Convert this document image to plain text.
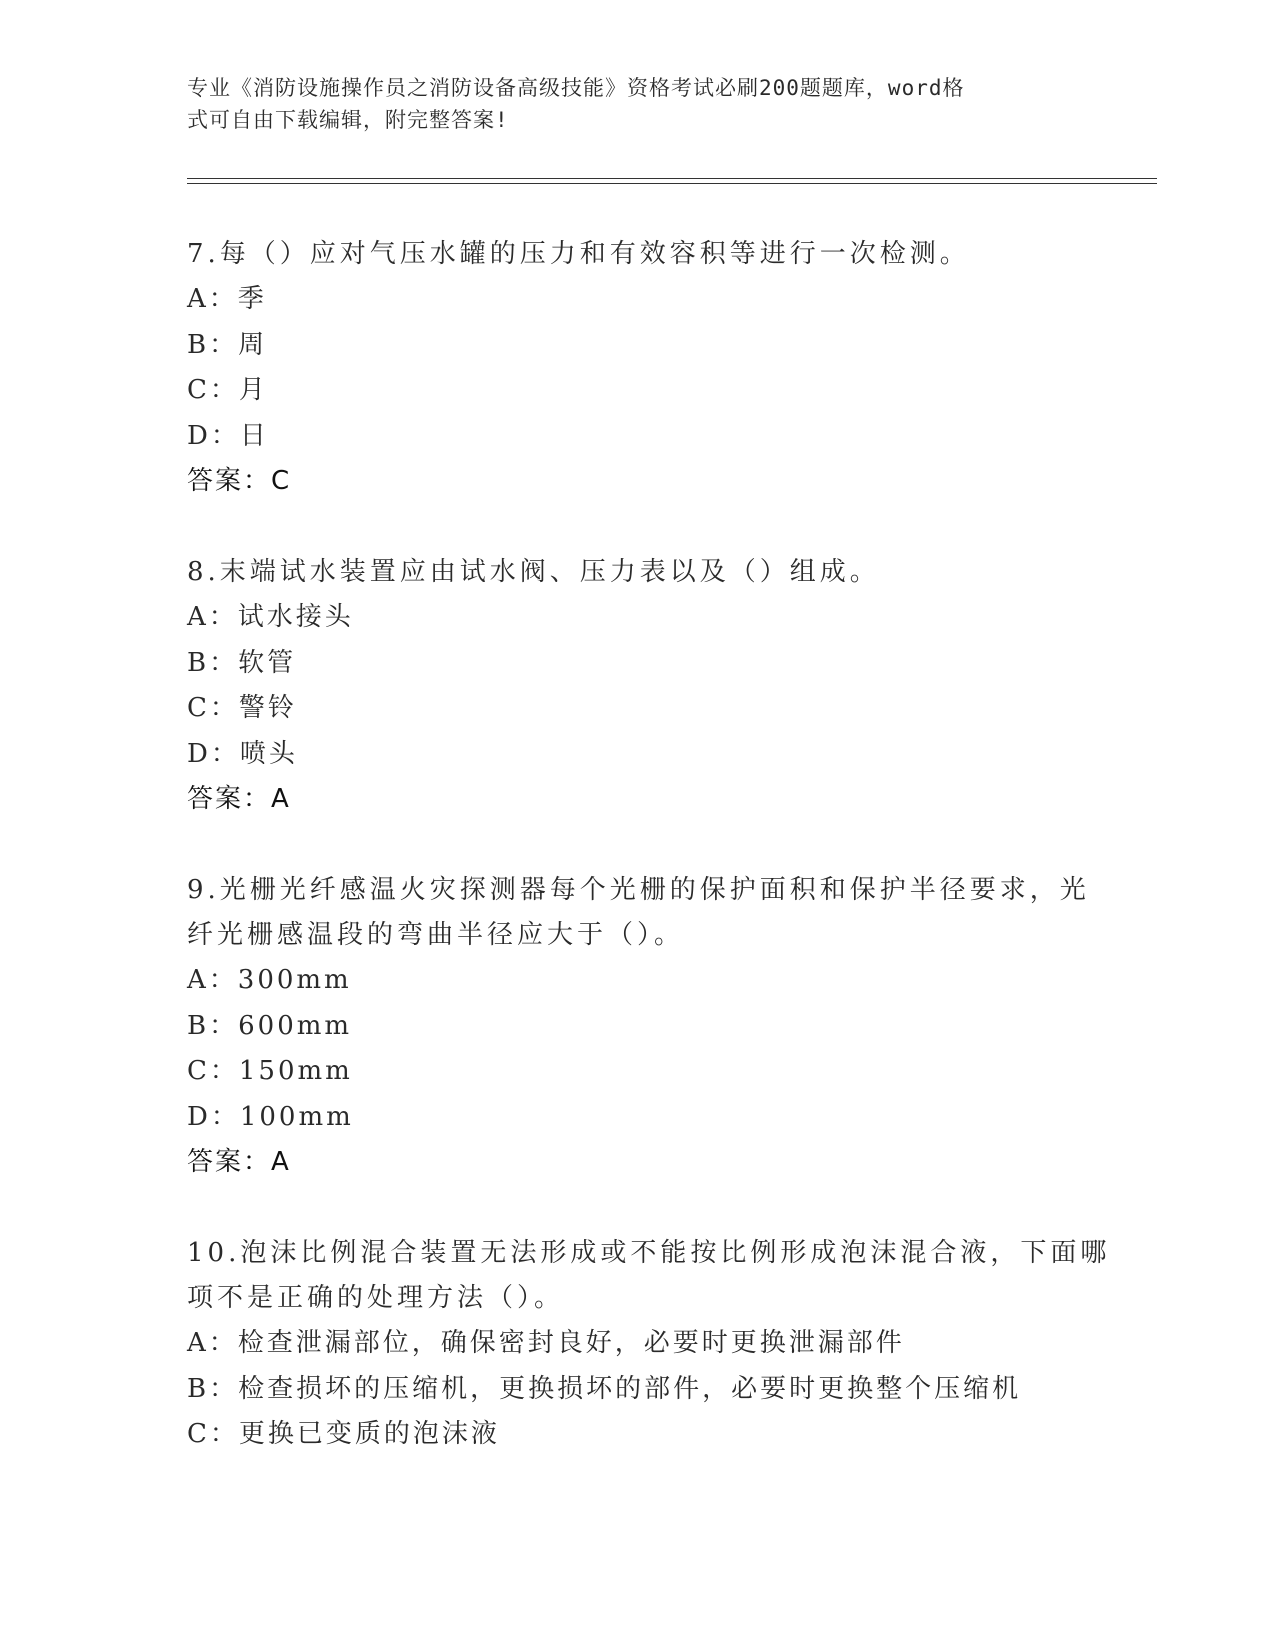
专业《消防设施操作员之消防设备高级技能》资格考试必刷200题题库，word格
式可自由下载编辑，附完整答案!
7.每（）应对气压水罐的压力和有效容积等进行一次检测。
A：季
B：周
C：月
D：日
答案：C
8.末端试水装置应由试水阀、压力表以及（）组成。
A：试水接头
B：软管
C：警铃
D：喷头
答案：A
9.光栅光纤感温火灾探测器每个光栅的保护面积和保护半径要求，光
纤光栅感温段的弯曲半径应大于（）。
A：300mm
B：600mm
C：150mm
D：100mm
答案：A
10.泡沫比例混合装置无法形成或不能按比例形成泡沫混合液，下面哪
项不是正确的处理方法（）。
A：检查泄漏部位，确保密封良好，必要时更换泄漏部件
B：检查损坏的压缩机，更换损坏的部件，必要时更换整个压缩机
C：更换已变质的泡沫液
